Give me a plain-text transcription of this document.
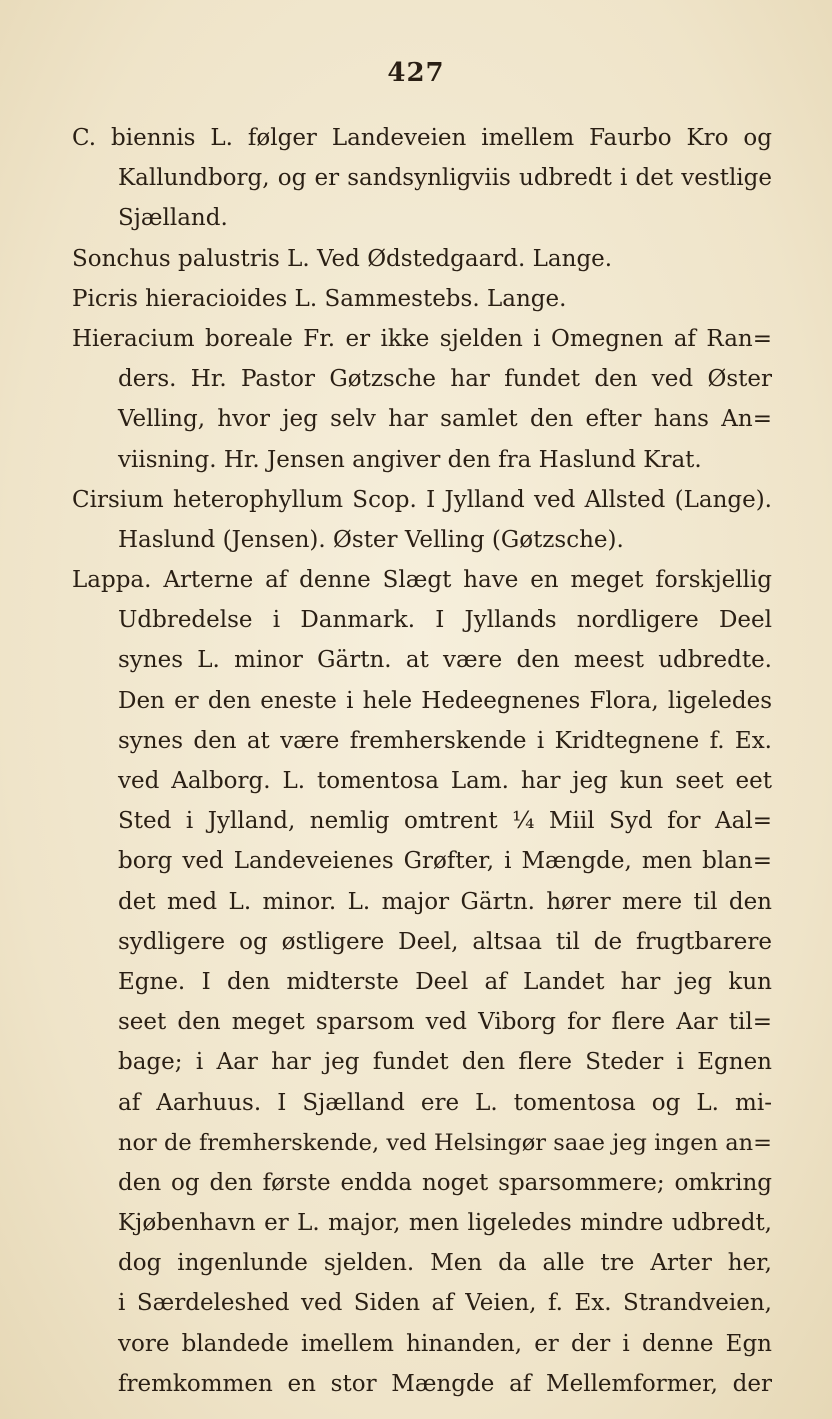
427
C. biennis L. følger Landeveien imellem Faurbo Kro og
Kallundborg, og er sandsynligviis udbredt i det vestlige
Sjælland.
Sonchus palustris L. Ved Ødstedgaard. Lange.
Picris hieracioides L. Sammestebs. Lange.
Hieracium boreale Fr. er ikke sjelden i Omegnen af Ran=
ders. Hr. Pastor Gøtzsche har fundet den ved Øster
Velling, hvor jeg selv har samlet den efter hans An=
viisning. Hr. Jensen angiver den fra Haslund Krat.
Cirsium heterophyllum Scop. I Jylland ved Allsted (Lange).
Haslund (Jensen). Øster Velling (Gøtzsche).
Lappa. Arterne af denne Slægt have en meget forskjellig
Udbredelse i Danmark. I Jyllands nordligere Deel
synes L. minor Gärtn. at være den meest udbredte.
Den er den eneste i hele Hedeegnenes Flora, ligeledes
synes den at være fremherskende i Kridtegnene f. Ex.
ved Aalborg. L. tomentosa Lam. har jeg kun seet eet
Sted i Jylland, nemlig omtrent ¼ Miil Syd for Aal=
borg ved Landeveienes Grøfter, i Mængde, men blan=
det med L. minor. L. major Gärtn. hører mere til den
sydligere og østligere Deel, altsaa til de frugtbarere
Egne. I den midterste Deel af Landet har jeg kun
seet den meget sparsom ved Viborg for flere Aar til=
bage; i Aar har jeg fundet den flere Steder i Egnen
af Aarhuus. I Sjælland ere L. tomentosa og L. mi-
nor de fremherskende, ved Helsingør saae jeg ingen an=
den og den første endda noget sparsommere; omkring
Kjøbenhavn er L. major, men ligeledes mindre udbredt,
dog ingenlunde sjelden. Men da alle tre Arter her,
i Særdeleshed ved Siden af Veien, f. Ex. Strandveien,
vore blandede imellem hinanden, er der i denne Egn
fremkommen en stor Mængde af Mellemformer, der
